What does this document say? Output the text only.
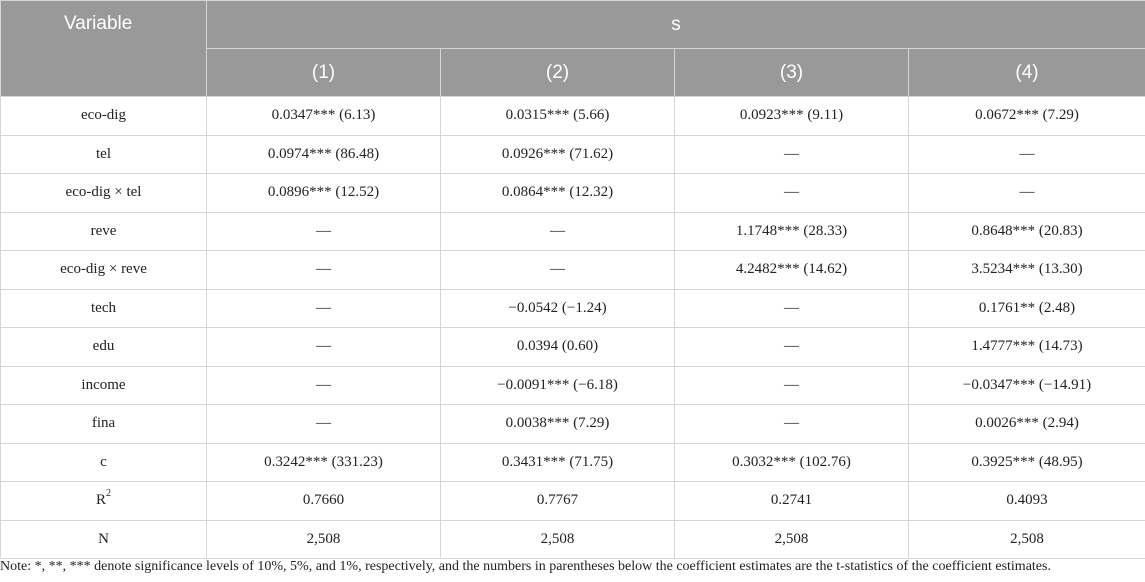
Variable	s			
	(1)	(2)	(3)	(4)
eco-dig	0.0347*** (6.13)	0.0315*** (5.66)	0.0923*** (9.11)	0.0672*** (7.29)
tel	0.0974*** (86.48)	0.0926*** (71.62)	—	—
eco-dig × tel	0.0896*** (12.52)	0.0864*** (12.32)	—	—
reve	—	—	1.1748*** (28.33)	0.8648*** (20.83)
eco-dig × reve	—	—	4.2482*** (14.62)	3.5234*** (13.30)
tech	—	−0.0542 (−1.24)	—	0.1761** (2.48)
edu	—	0.0394 (0.60)	—	1.4777*** (14.73)
income	—	−0.0091*** (−6.18)	—	−0.0347*** (−14.91)
fina	—	0.0038*** (7.29)	—	0.0026*** (2.94)
c	0.3242*** (331.23)	0.3431*** (71.75)	0.3032*** (102.76)	0.3925*** (48.95)
$R^2$	0.7660	0.7767	0.2741	0.4093
N	2,508	2,508	2,508	2,508
Note: *, **, *** denote significance levels of 10%, 5%, and 1%, respectively, and the numbers in parentheses below the coefficient estimates are the t-statistics of the coefficient estimates.
